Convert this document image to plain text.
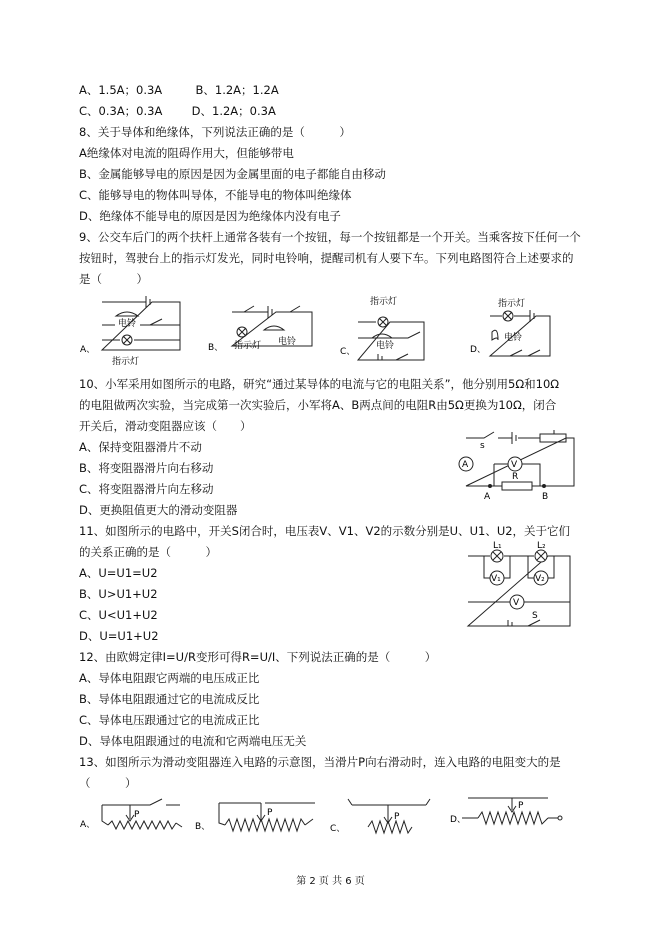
A、1.5A；0.3A	B、1.2A；1.2A
C、0.3A；0.3A	D、1.2A；0.3A
8、关于导体和绝缘体，下列说法正确的是（　　　）
A绝缘体对电流的阻碍作用大，但能够带电
B、金属能够导电的原因是因为金属里面的电子都能自由移动
C、能够导电的物体叫导体，不能导电的物体叫绝缘体
D、绝缘体不能导电的原因是因为绝缘体内没有电子
9、公交车后门的两个扶杆上通常各装有一个按钮，每一个按钮都是一个开关。当乘客按下任何一个
按钮时，驾驶台上的指示灯发光，同时电铃响，提醒司机有人要下车。下列电路图符合上述要求的
是（　　　）
A、
电铃
指示灯
B、 指示灯 电铃
指示灯
电铃
C、
指示灯
电铃
D、
10、小军采用如图所示的电路，研究“通过某导体的电流与它的电阻关系”，他分别用5Ω和10Ω
的电阻做两次实验，当完成第一次实验后，小军将A、B两点间的电阻R由5Ω更换为10Ω，闭合
开关后，滑动变阻器应该（　　）
A、保持变阻器滑片不动
B、将变阻器滑片向右移动
C、将变阻器滑片向左移动
D、更换阻值更大的滑动变阻器
s
A	V
R
A	B
11、如图所示的电路中，开关S闭合时，电压表V、V1、V2的示数分别是U、U1、U2，关于它们
的关系正确的是（　　　）
A、U=U1=U2
B、U>U1+U2
C、U<U1+U2
D、U=U1+U2
L₁	L₂
V₁	V₂
V
S
12、由欧姆定律I=U/R变形可得R=U/I、下列说法正确的是（　　　）
A、导体电阻跟它两端的电压成正比
B、导体电阻跟通过它的电流成反比
C、导体电压跟通过它的电流成正比
D、导体电阻跟通过的电流和它两端电压无关
13、如图所示为滑动变阻器连入电路的示意图，当滑片P向右滑动时，连入电路的电阻变大的是
（　　　）
A、
P
B、
P
C、
P	D、
P
第 2 页 共 6 页
